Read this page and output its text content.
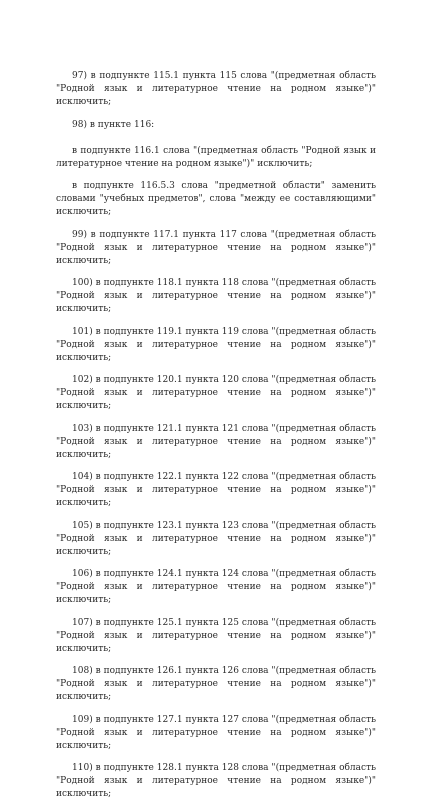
97) в подпункте 115.1 пункта 115 слова "(предметная область "Родной язык и литературное чтение на родном языке")" исключить;

98) в пункте 116:

в подпункте 116.1 слова "(предметная область "Родной язык и литературное чтение на родном языке")" исключить;

в подпункте 116.5.3 слова "предметной области" заменить словами "учебных предметов", слова "между ее составляющими" исключить;

99) в подпункте 117.1 пункта 117 слова "(предметная область "Родной язык и литературное чтение на родном языке")" исключить;

100) в подпункте 118.1 пункта 118 слова "(предметная область "Родной язык и литературное чтение на родном языке")" исключить;

101) в подпункте 119.1 пункта 119 слова "(предметная область "Родной язык и литературное чтение на родном языке")" исключить;

102) в подпункте 120.1 пункта 120 слова "(предметная область "Родной язык и литературное чтение на родном языке")" исключить;

103) в подпункте 121.1 пункта 121 слова "(предметная область "Родной язык и литературное чтение на родном языке")" исключить;

104) в подпункте 122.1 пункта 122 слова "(предметная область "Родной язык и литературное чтение на родном языке")" исключить;

105) в подпункте 123.1 пункта 123 слова "(предметная область "Родной язык и литературное чтение на родном языке")" исключить;

106) в подпункте 124.1 пункта 124 слова "(предметная область "Родной язык и литературное чтение на родном языке")" исключить;

107) в подпункте 125.1 пункта 125 слова "(предметная область "Родной язык и литературное чтение на родном языке")" исключить;

108) в подпункте 126.1 пункта 126 слова "(предметная область "Родной язык и литературное чтение на родном языке")" исключить;

109) в подпункте 127.1 пункта 127 слова "(предметная область "Родной язык и литературное чтение на родном языке")" исключить;

110) в подпункте 128.1 пункта 128 слова "(предметная область "Родной язык и литературное чтение на родном языке")" исключить;
